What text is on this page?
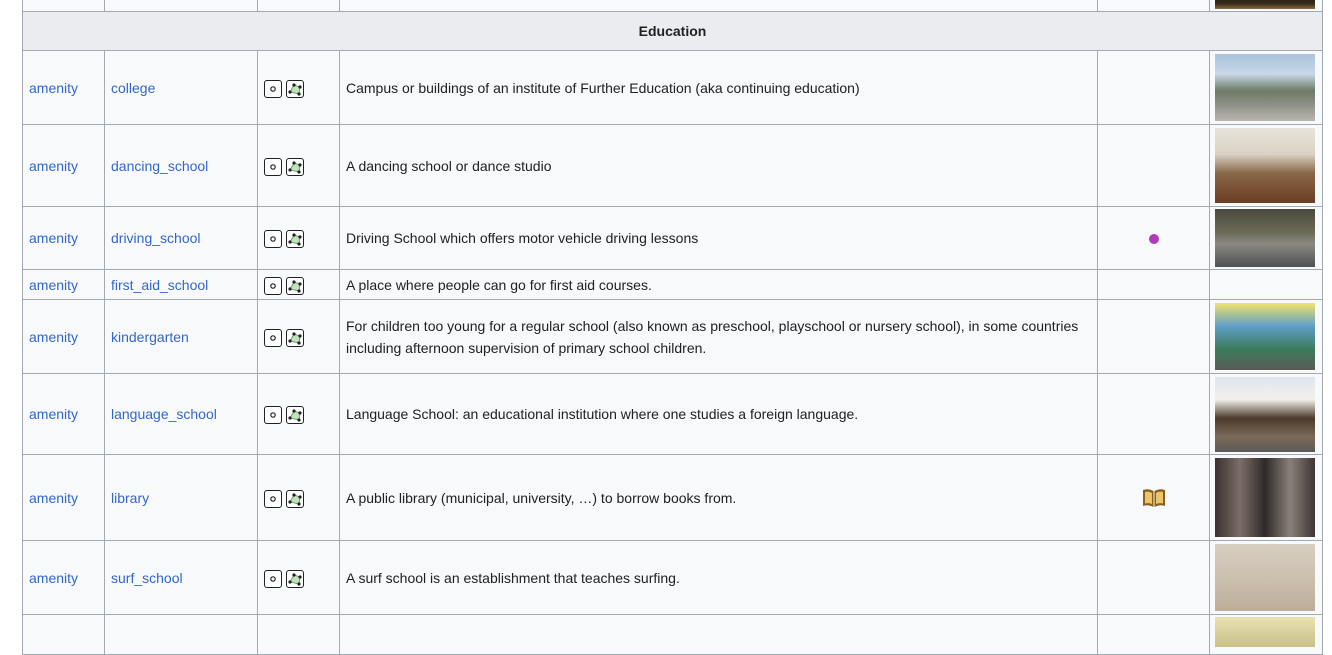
Education					
amenity	college		Campus or buildings of an institute of Further Education (aka continuing education)		

amenity	dancing_school		A dancing school or dance studio		

amenity	driving_school		Driving School which offers motor vehicle driving lessons		

amenity	first_aid_school		A place where people can go for first aid courses.		
amenity	kindergarten		For children too young for a regular school (also known as preschool, playschool or nursery school), in some countries including afternoon supervision of primary school children.		

amenity	language_school		Language School: an educational institution where one studies a foreign language.		

amenity	library		A public library (municipal, university, …) to borrow books from.		

amenity	surf_school		A surf school is an establishment that teaches surfing.		
